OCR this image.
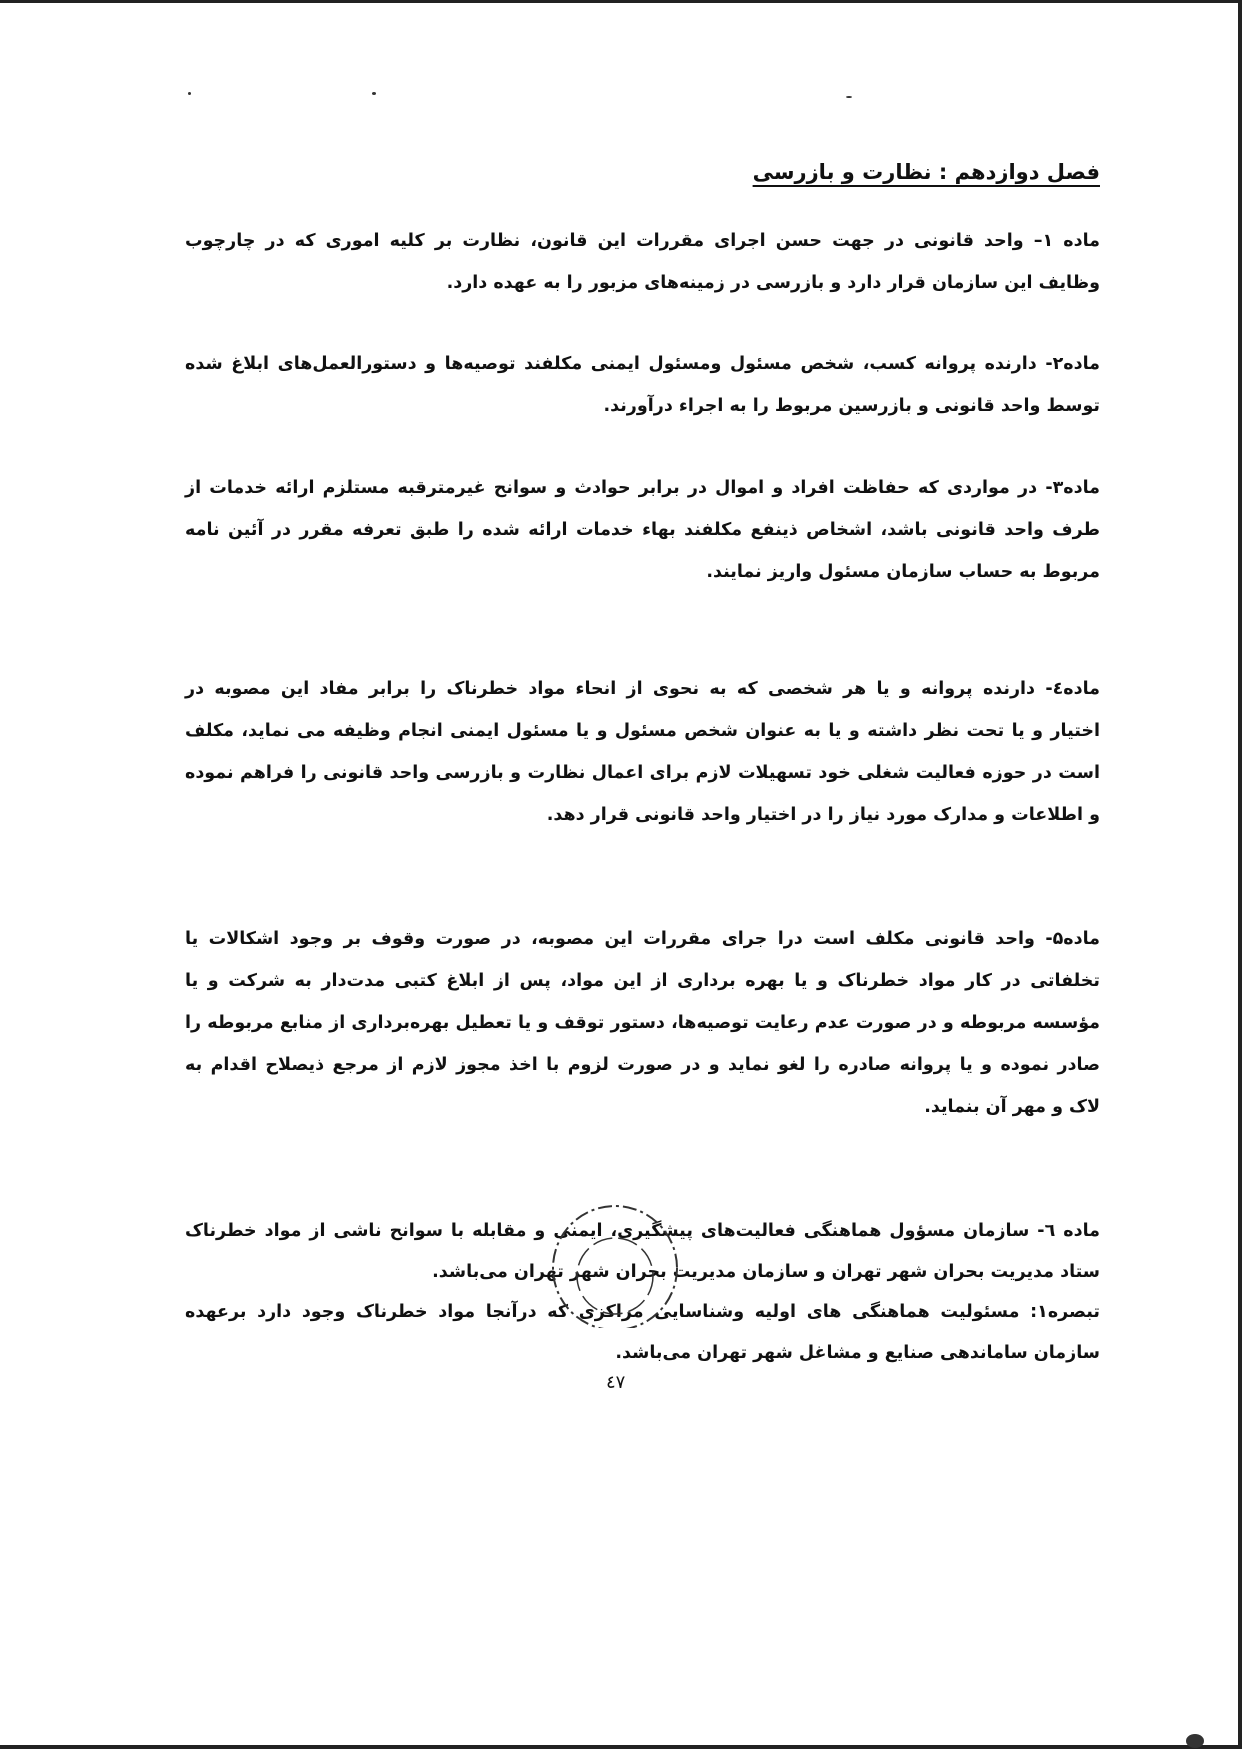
فصل دوازدهم : نظارت و بازرسی
ماده ۱– واحد قانونی در جهت حسن اجرای مقررات این قانون، نظارت بر کلیه اموری که در چارچوب
وظایف این سازمان قرار دارد و بازرسی در زمینه‌های مزبور را به عهده دارد.
ماده۲- دارنده پروانه کسب، شخص مسئول ومسئول ایمنی مکلفند توصیه‌ها و دستورالعمل‌های ابلاغ شده
توسط واحد قانونی و بازرسین مربوط را به اجراء درآورند.
ماده۳- در مواردی که حفاظت افراد و اموال در برابر حوادث و سوانح غیرمترقبه مستلزم ارائه خدمات از
طرف واحد قانونی باشد، اشخاص ذینفع مکلفند بهاء خدمات ارائه شده را طبق تعرفه مقرر در آئین نامه
مربوط به حساب سازمان مسئول واریز نمایند.
ماده٤- دارنده پروانه و یا هر شخصی که به نحوی از انحاء مواد خطرناک را برابر مفاد این مصوبه در
اختیار و یا تحت نظر داشته و یا به عنوان شخص مسئول و یا مسئول ایمنی انجام وظیفه می نماید، مکلف
است در حوزه فعالیت شغلی خود تسهیلات لازم برای اعمال نظارت و بازرسی واحد قانونی را فراهم نموده
و اطلاعات و مدارک مورد نیاز را در اختیار واحد قانونی قرار دهد.
ماده۵- واحد قانونی مکلف است درا جرای مقررات این مصوبه، در صورت وقوف بر وجود اشکالات یا
تخلفاتی در کار مواد خطرناک و یا بهره برداری از این مواد، پس از ابلاغ کتبی مدت‌دار به شرکت و یا
مؤسسه مربوطه و در صورت عدم رعایت توصیه‌ها، دستور توقف و یا تعطیل بهره‌برداری از منابع مربوطه را
صادر نموده و یا پروانه صادره را لغو نماید و در صورت لزوم با اخذ مجوز لازم از مرجع ذیصلاح اقدام به
لاک و مهر آن بنماید.
ماده ٦- سازمان مسؤول هماهنگی فعالیت‌های پیشگیری، ایمنی و مقابله با سوانح ناشی از مواد خطرناک
ستاد مدیریت بحران شهر تهران و سازمان مدیریت بحران شهر تهران می‌باشد.
تبصره۱: مسئولیت هماهنگی های اولیه وشناسایی مراکزی که درآنجا مواد خطرناک وجود دارد برعهده
سازمان ساماندهی صنایع و مشاغل شهر تهران می‌باشد.
٤٧
